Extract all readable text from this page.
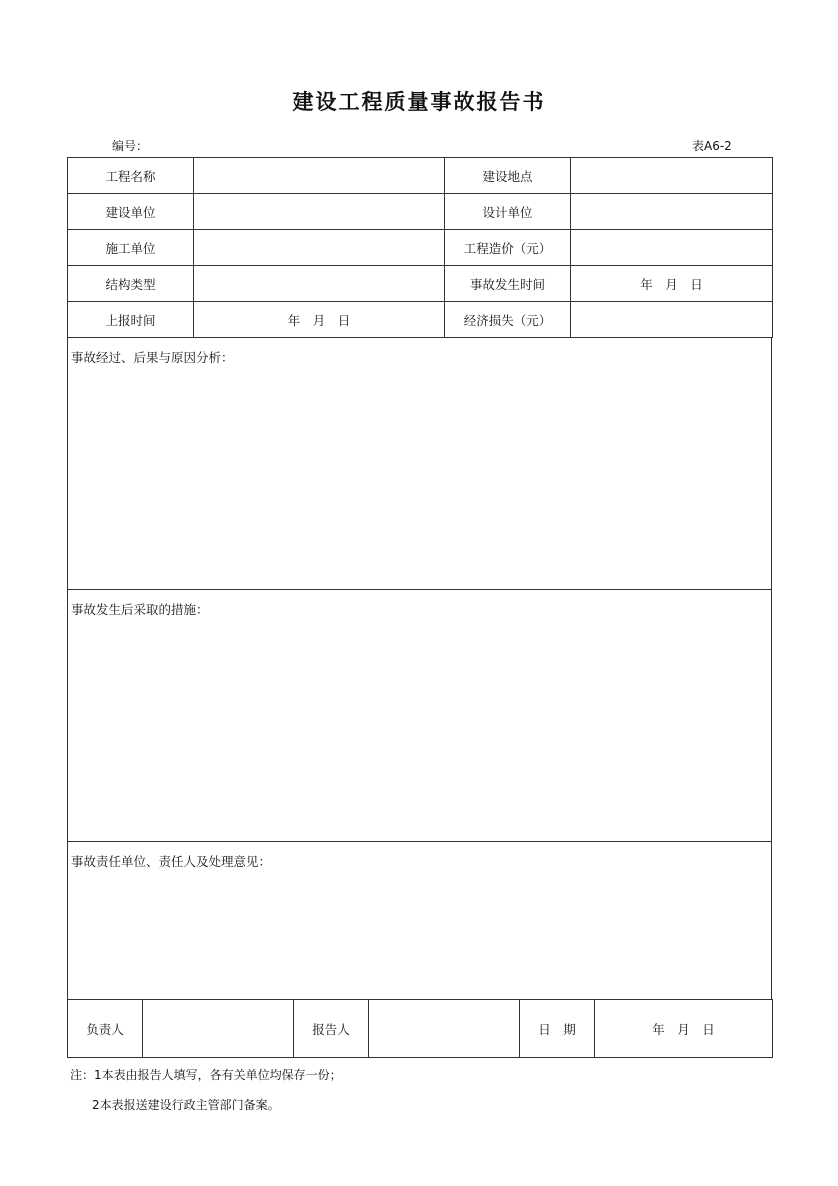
建设工程质量事故报告书
编号：	表A6-2
工程名称		建设地点	
建设单位		设计单位	
施工单位		工程造价（元）	
结构类型		事故发生时间	年　月　日
上报时间	年　月　日	经济损失（元）	
事故经过、后果与原因分析：
事故发生后采取的措施：
事故责任单位、责任人及处理意见：
负责人		报告人		日　期	年　月　日
注：1本表由报告人填写，各有关单位均保存一份；
2本表报送建设行政主管部门备案。
